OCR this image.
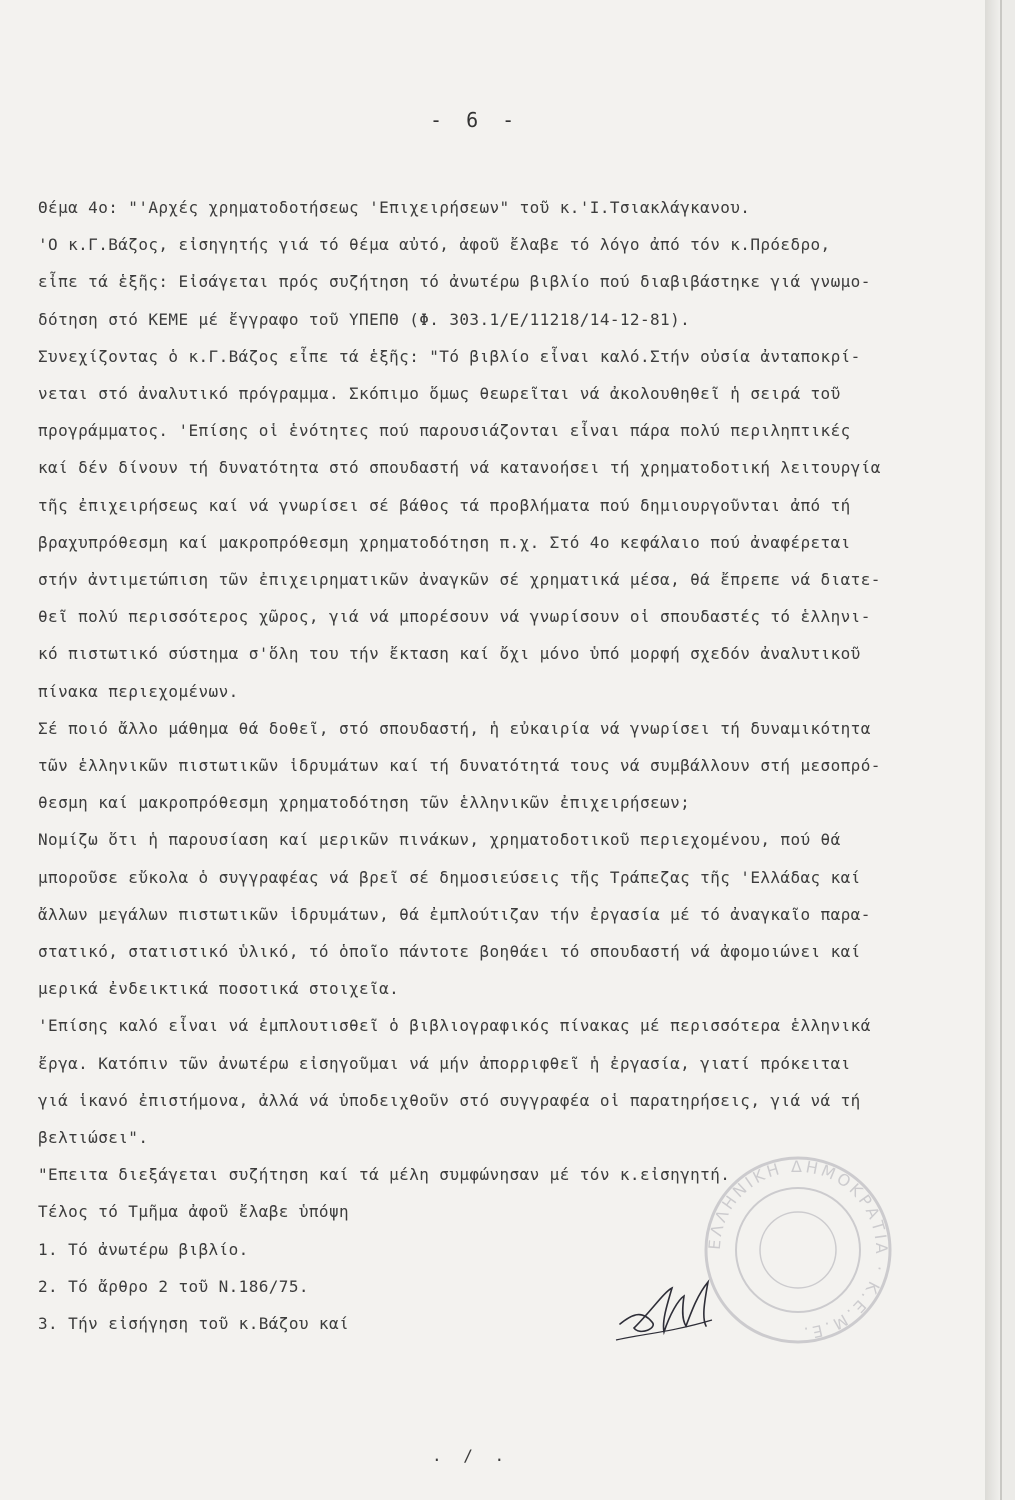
- 6 -
Θέμα 4ο: "'Αρχές χρηματοδοτήσεως 'Επιχειρήσεων" τοῦ κ.'Ι.Τσιακλάγκανου.
'Ο κ.Γ.Βάζος, εἰσηγητής γιά τό θέμα αὐτό, ἀφοῦ ἔλαβε τό λόγο ἀπό τόν κ.Πρόεδρο,
εἶπε τά ἑξῆς: Εἰσάγεται πρός συζήτηση τό ἀνωτέρω βιβλίο πού διαβιβάστηκε γιά γνωμο-
δότηση στό ΚΕΜΕ μέ ἔγγραφο τοῦ ΥΠΕΠΘ (Φ. 303.1/Ε/11218/14-12-81).
Συνεχίζοντας ὁ κ.Γ.Βάζος εἶπε τά ἑξῆς: "Τό βιβλίο εἶναι καλό.Στήν οὐσία ἀνταποκρί-
νεται στό ἀναλυτικό πρόγραμμα. Σκόπιμο ὅμως θεωρεῖται νά ἀκολουθηθεῖ ἡ σειρά τοῦ
προγράμματος. 'Επίσης οἱ ἑνότητες πού παρουσιάζονται εἶναι πάρα πολύ περιληπτικές
καί δέν δίνουν τή δυνατότητα στό σπουδαστή νά κατανοήσει τή χρηματοδοτική λειτουργία
τῆς ἐπιχειρήσεως καί νά γνωρίσει σέ βάθος τά προβλήματα πού δημιουργοῦνται ἀπό τή
βραχυπρόθεσμη καί μακροπρόθεσμη χρηματοδότηση π.χ. Στό 4ο κεφάλαιο πού ἀναφέρεται
στήν ἀντιμετώπιση τῶν ἐπιχειρηματικῶν ἀναγκῶν σέ χρηματικά μέσα, θά ἔπρεπε νά διατε-
θεῖ πολύ περισσότερος χῶρος, γιά νά μπορέσουν νά γνωρίσουν οἱ σπουδαστές τό ἑλληνι-
κό πιστωτικό σύστημα σ'ὅλη του τήν ἔκταση καί ὄχι μόνο ὑπό μορφή σχεδόν ἀναλυτικοῦ
πίνακα περιεχομένων.
Σέ ποιό ἄλλο μάθημα θά δοθεῖ, στό σπουδαστή, ἡ εὐκαιρία νά γνωρίσει τή δυναμικότητα
τῶν ἑλληνικῶν πιστωτικῶν ἱδρυμάτων καί τή δυνατότητά τους νά συμβάλλουν στή μεσοπρό-
θεσμη καί μακροπρόθεσμη χρηματοδότηση τῶν ἑλληνικῶν ἐπιχειρήσεων;
Νομίζω ὅτι ἡ παρουσίαση καί μερικῶν πινάκων, χρηματοδοτικοῦ περιεχομένου, πού θά
μποροῦσε εὔκολα ὁ συγγραφέας νά βρεῖ σέ δημοσιεύσεις τῆς Τράπεζας τῆς 'Ελλάδας καί
ἄλλων μεγάλων πιστωτικῶν ἱδρυμάτων, θά ἐμπλούτιζαν τήν ἐργασία μέ τό ἀναγκαῖο παρα-
στατικό, στατιστικό ὑλικό, τό ὁποῖο πάντοτε βοηθάει τό σπουδαστή νά ἀφομοιώνει καί
μερικά ἐνδεικτικά ποσοτικά στοιχεῖα.
'Επίσης καλό εἶναι νά ἐμπλουτισθεῖ ὁ βιβλιογραφικός πίνακας μέ περισσότερα ἑλληνικά
ἔργα. Κατόπιν τῶν ἀνωτέρω εἰσηγοῦμαι νά μήν ἀπορριφθεῖ ἡ ἐργασία, γιατί πρόκειται
γιά ἱκανό ἐπιστήμονα, ἀλλά νά ὑποδειχθοῦν στό συγγραφέα οἱ παρατηρήσεις, γιά νά τή
βελτιώσει".
"Επειτα διεξάγεται συζήτηση καί τά μέλη συμφώνησαν μέ τόν κ.εἰσηγητή.
Τέλος τό Τμῆμα ἀφοῦ ἔλαβε ὑπόψη
1. Τό ἀνωτέρω βιβλίο.
2. Τό ἄρθρο 2 τοῦ Ν.186/75.
3. Τήν εἰσήγηση τοῦ κ.Βάζου καί
ΕΛΛΗΝΙΚΗ ΔΗΜΟΚΡΑΤΙΑ · Κ.Ε.Μ.Ε.
. / .
